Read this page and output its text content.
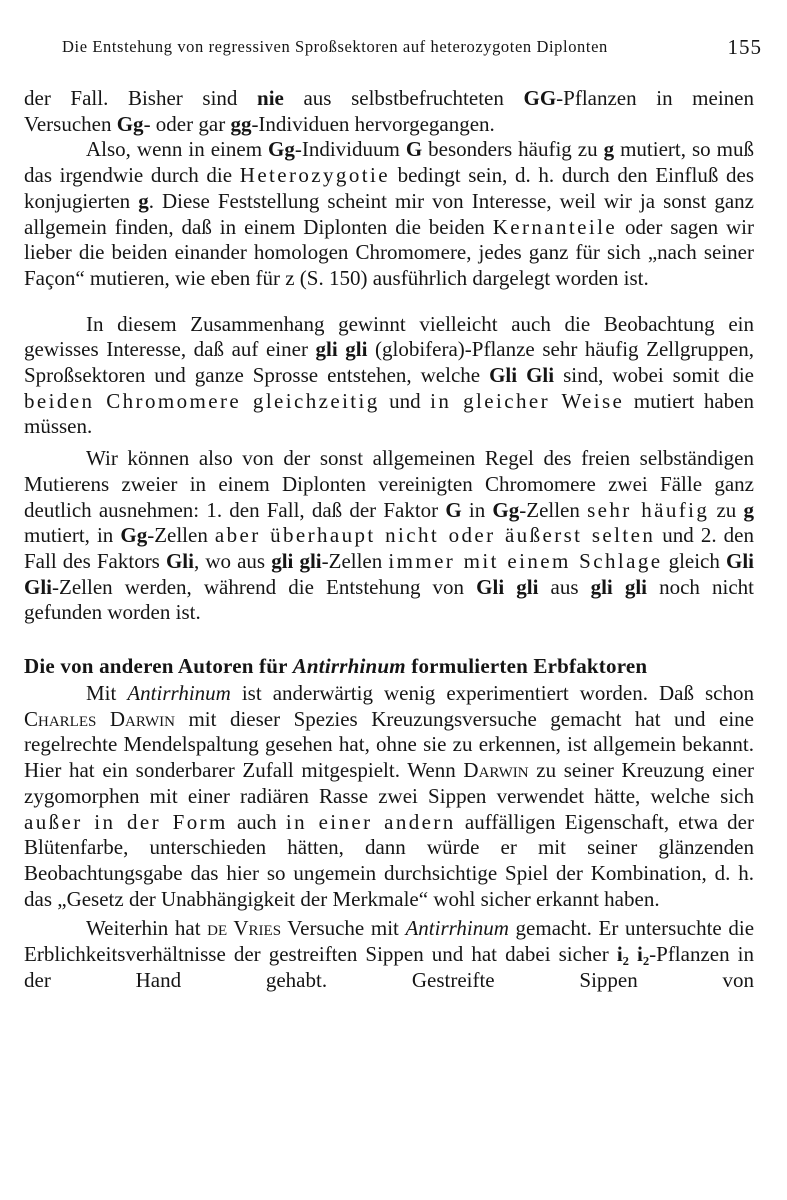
Die Entstehung von regressiven Sproßsektoren auf heterozygoten Diplonten	155

der Fall. Bisher sind nie aus selbstbefruchteten GG-Pflanzen in meinen

Versuchen Gg- oder gar gg-Individuen hervorgegangen.

Also, wenn in einem Gg-Individuum G besonders häufig zu g mutiert, so muß das irgendwie durch die Heterozygotie bedingt sein, d. h. durch den Einfluß des konjugierten g. Diese Feststellung scheint mir von Interesse, weil wir ja sonst ganz allgemein finden, daß in einem Diplonten die beiden Kernanteile oder sagen wir lieber die beiden einander homologen Chromomere, jedes ganz für sich „nach seiner Façon“ mutieren, wie eben für z (S. 150) ausführlich dargelegt worden ist.

In diesem Zusammenhang gewinnt vielleicht auch die Beobachtung ein gewisses Interesse, daß auf einer gli gli (globifera)-Pflanze sehr häufig Zellgruppen, Sproßsektoren und ganze Sprosse entstehen, welche Gli Gli sind, wobei somit die beiden Chromomere gleichzeitig und in gleicher Weise mutiert haben müssen.

Wir können also von der sonst allgemeinen Regel des freien selbständigen Mutierens zweier in einem Diplonten vereinigten Chromomere zwei Fälle ganz deutlich ausnehmen: 1. den Fall, daß der Faktor G in Gg-Zellen sehr häufig zu g mutiert, in Gg-Zellen aber überhaupt nicht oder äußerst selten und 2. den Fall des Faktors Gli, wo aus gli gli-Zellen immer mit einem Schlage gleich Gli Gli-Zellen werden, während die Entstehung von Gli gli aus gli gli noch nicht gefunden worden ist.

Die von anderen Autoren für Antirrhinum formulierten Erbfaktoren

Mit Antirrhinum ist anderwärtig wenig experimentiert worden. Daß schon Charles Darwin mit dieser Spezies Kreuzungsversuche gemacht hat und eine regelrechte Mendelspaltung gesehen hat, ohne sie zu erkennen, ist allgemein bekannt. Hier hat ein sonderbarer Zufall mitgespielt. Wenn Darwin zu seiner Kreuzung einer zygomorphen mit einer radiären Rasse zwei Sippen verwendet hätte, welche sich außer in der Form auch in einer andern auffälligen Eigenschaft, etwa der Blütenfarbe, unterschieden hätten, dann würde er mit seiner glänzenden Beobachtungsgabe das hier so ungemein durchsichtige Spiel der Kombination, d. h. das „Gesetz der Unabhängigkeit der Merkmale“ wohl sicher erkannt haben.

Weiterhin hat de Vries Versuche mit Antirrhinum gemacht. Er untersuchte die Erblichkeitsverhältnisse der gestreiften Sippen und hat dabei sicher i₂ i₂-Pflanzen in der Hand gehabt. Gestreifte Sippen von
